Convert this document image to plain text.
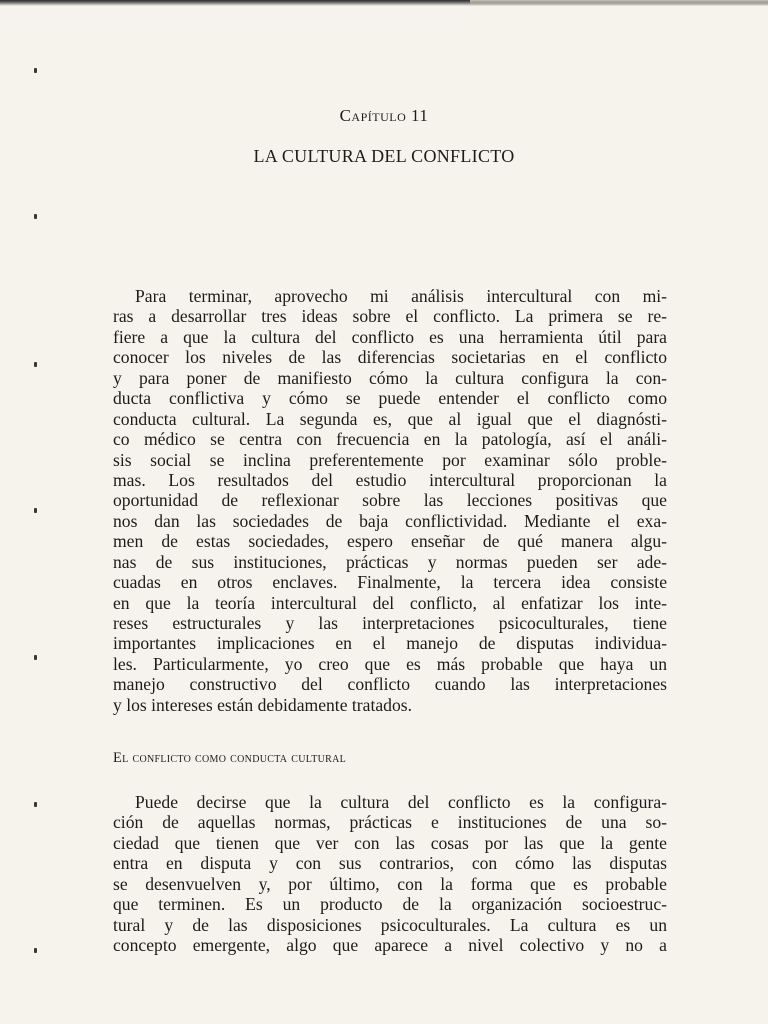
Capítulo 11
LA CULTURA DEL CONFLICTO
Para terminar, aprovecho mi análisis intercultural con mi-
ras a desarrollar tres ideas sobre el conflicto. La primera se re-
fiere a que la cultura del conflicto es una herramienta útil para
conocer los niveles de las diferencias societarias en el conflicto
y para poner de manifiesto cómo la cultura configura la con-
ducta conflictiva y cómo se puede entender el conflicto como
conducta cultural. La segunda es, que al igual que el diagnósti-
co médico se centra con frecuencia en la patología, así el análi-
sis social se inclina preferentemente por examinar sólo proble-
mas. Los resultados del estudio intercultural proporcionan la
oportunidad de reflexionar sobre las lecciones positivas que
nos dan las sociedades de baja conflictividad. Mediante el exa-
men de estas sociedades, espero enseñar de qué manera algu-
nas de sus instituciones, prácticas y normas pueden ser ade-
cuadas en otros enclaves. Finalmente, la tercera idea consiste
en que la teoría intercultural del conflicto, al enfatizar los inte-
reses estructurales y las interpretaciones psicoculturales, tiene
importantes implicaciones en el manejo de disputas individua-
les. Particularmente, yo creo que es más probable que haya un
manejo constructivo del conflicto cuando las interpretaciones
y los intereses están debidamente tratados.
El conflicto como conducta cultural
Puede decirse que la cultura del conflicto es la configura-
ción de aquellas normas, prácticas e instituciones de una so-
ciedad que tienen que ver con las cosas por las que la gente
entra en disputa y con sus contrarios, con cómo las disputas
se desenvuelven y, por último, con la forma que es probable
que terminen. Es un producto de la organización socioestruc-
tural y de las disposiciones psicoculturales. La cultura es un
concepto emergente, algo que aparece a nivel colectivo y no a
